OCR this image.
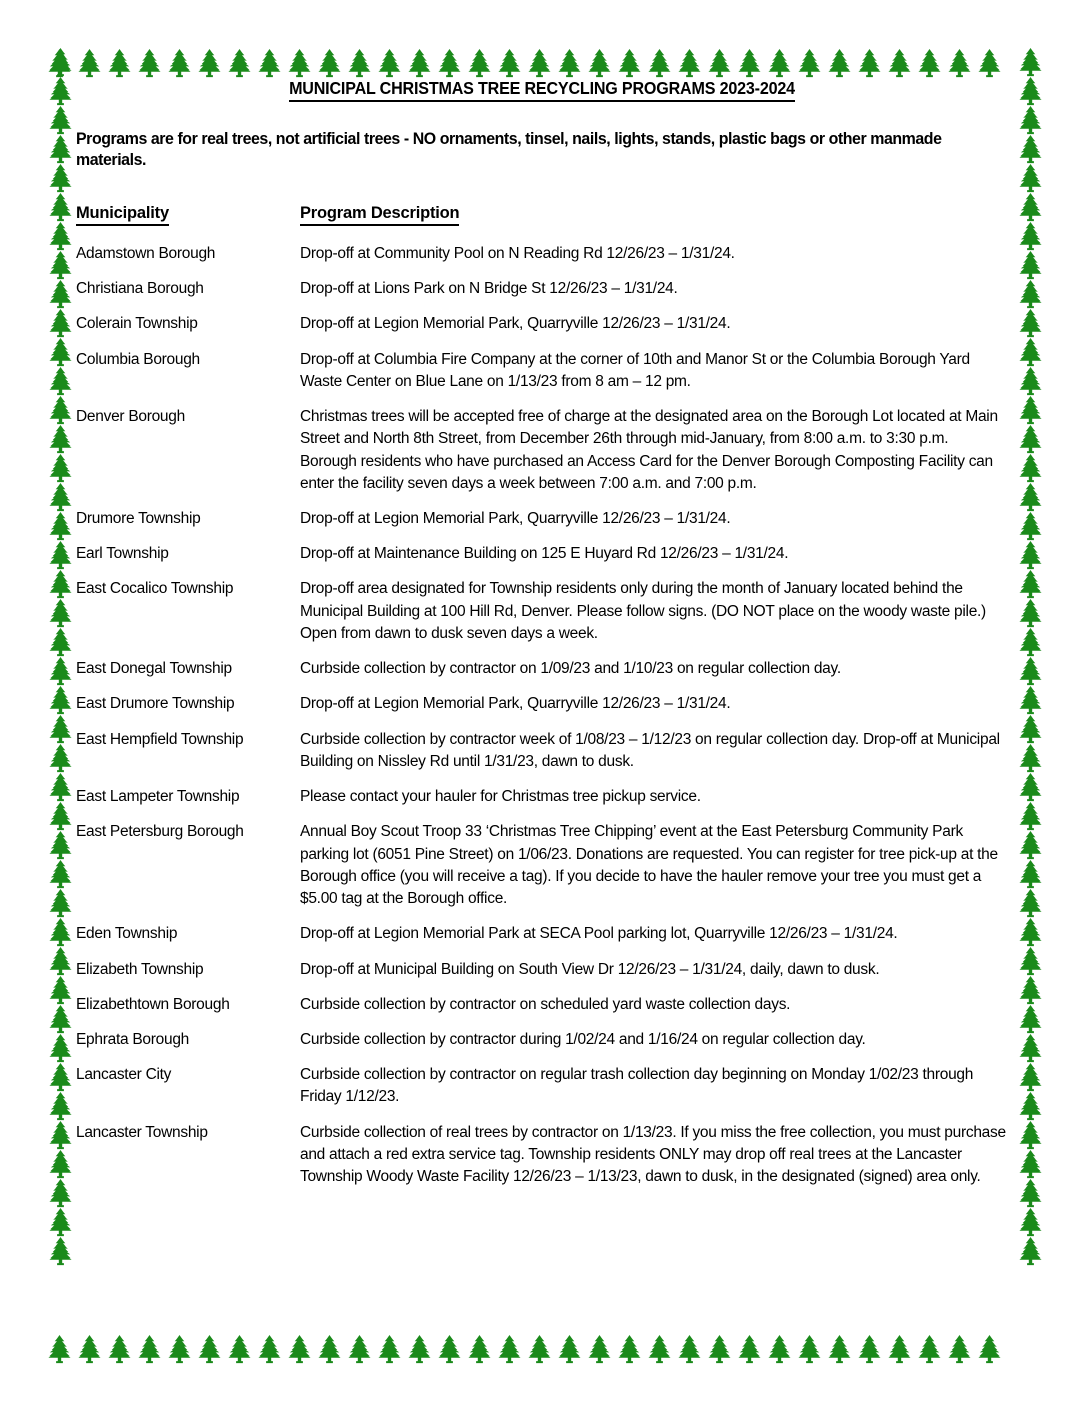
MUNICIPAL CHRISTMAS TREE RECYCLING PROGRAMS 2023-2024

Programs are for real trees, not artificial trees - NO ornaments, tinsel, nails, lights, stands, plastic bags or other manmade materials.

Municipality	Program Description
Adamstown Borough	Drop-off at Community Pool on N Reading Rd 12/26/23 – 1/31/24.
Christiana Borough	Drop-off at Lions Park on N Bridge St 12/26/23 – 1/31/24.
Colerain Township	Drop-off at Legion Memorial Park, Quarryville 12/26/23 – 1/31/24.
Columbia Borough	Drop-off at Columbia Fire Company at the corner of 10th and Manor St or the Columbia Borough Yard Waste Center on Blue Lane on 1/13/23 from 8 am – 12 pm.
Denver Borough	Christmas trees will be accepted free of charge at the designated area on the Borough Lot located at Main Street and North 8th Street, from December 26th through mid-January, from 8:00 a.m. to 3:30 p.m. Borough residents who have purchased an Access Card for the Denver Borough Composting Facility can enter the facility seven days a week between 7:00 a.m. and 7:00 p.m.
Drumore Township	Drop-off at Legion Memorial Park, Quarryville 12/26/23 – 1/31/24.
Earl Township	Drop-off at Maintenance Building on 125 E Huyard Rd 12/26/23 – 1/31/24.
East Cocalico Township	Drop-off area designated for Township residents only during the month of January located behind the Municipal Building at 100 Hill Rd, Denver. Please follow signs. (DO NOT place on the woody waste pile.) Open from dawn to dusk seven days a week.
East Donegal Township	Curbside collection by contractor on 1/09/23 and 1/10/23 on regular collection day.
East Drumore Township	Drop-off at Legion Memorial Park, Quarryville 12/26/23 – 1/31/24.
East Hempfield Township	Curbside collection by contractor week of 1/08/23 – 1/12/23 on regular collection day. Drop-off at Municipal Building on Nissley Rd until 1/31/23, dawn to dusk.
East Lampeter Township	Please contact your hauler for Christmas tree pickup service.
East Petersburg Borough	Annual Boy Scout Troop 33 ‘Christmas Tree Chipping’ event at the East Petersburg Community Park parking lot (6051 Pine Street) on 1/06/23. Donations are requested. You can register for tree pick-up at the Borough office (you will receive a tag). If you decide to have the hauler remove your tree you must get a $5.00 tag at the Borough office.
Eden Township	Drop-off at Legion Memorial Park at SECA Pool parking lot, Quarryville 12/26/23 – 1/31/24.
Elizabeth Township	Drop-off at Municipal Building on South View Dr 12/26/23 – 1/31/24, daily, dawn to dusk.
Elizabethtown Borough	Curbside collection by contractor on scheduled yard waste collection days.
Ephrata Borough	Curbside collection by contractor during 1/02/24 and 1/16/24 on regular collection day.
Lancaster City	Curbside collection by contractor on regular trash collection day beginning on Monday 1/02/23 through Friday 1/12/23.
Lancaster Township	Curbside collection of real trees by contractor on 1/13/23. If you miss the free collection, you must purchase and attach a red extra service tag. Township residents ONLY may drop off real trees at the Lancaster Township Woody Waste Facility 12/26/23 – 1/13/23, dawn to dusk, in the designated (signed) area only.
